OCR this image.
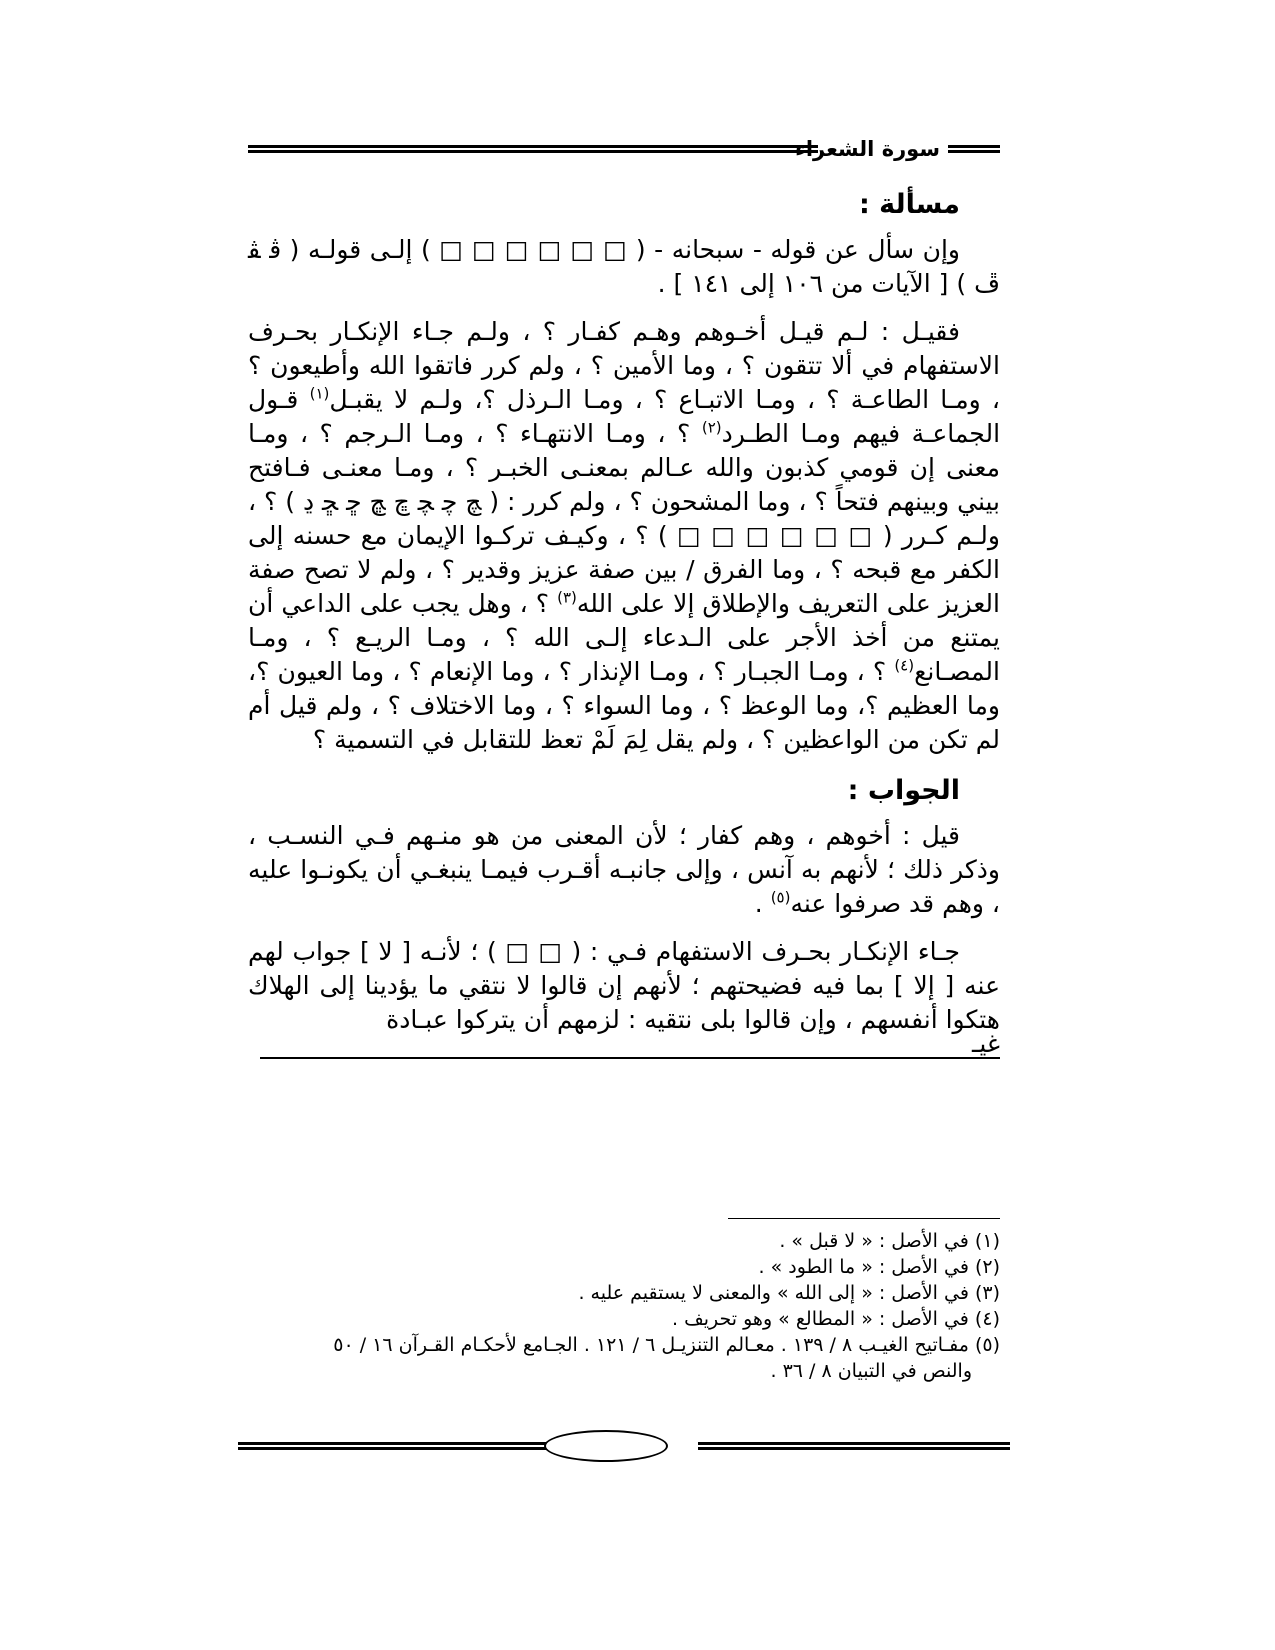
سورة الشعراء

مسألة :

وإن سأل عن قوله - سبحانه - ( □ □ □ □ □ □ ) إلـى قولـه ( ﭬ ﭭ ﭮ ) [ الآيات من ١٠٦ إلى ١٤١ ] .

فقيـل : لـم قيـل أخـوهم وهـم كفـار ؟ ، ولـم جـاء الإنكـار بحـرف الاستفهام في ألا تتقون ؟ ، وما الأمين ؟ ، ولم كرر فاتقوا الله وأطيعون ؟ ، ومـا الطاعـة ؟ ، ومـا الاتبـاع ؟ ، ومـا الـرذل ؟، ولـم لا يقبـل$^{(١)}$ قـول الجماعـة فيهم ومـا الطـرد$^{(٢)}$ ؟ ، ومـا الانتهـاء ؟ ، ومـا الـرجم ؟ ، ومـا معنى إن قومي كذبون والله عـالم بمعنـى الخبـر ؟ ، ومـا معنـى فـافتح بيني وبينهم فتحاً ؟ ، وما المشحون ؟ ، ولم كرر : ( ﭻ ﭼ ﭽ ﭾ ﭿ ﮀ ﮁ ﮂ ) ؟ ، ولـم كـرر ( □ □ □ □ □ □ ) ؟ ، وكيـف تركـوا الإيمان مع حسنه إلى الكفر مع قبحه ؟ ، وما الفرق / بين صفة عزيز وقدير ؟ ، ولم لا تصح صفة العزيز على التعريف والإطلاق إلا على الله$^{(٣)}$ ؟ ، وهل يجب على الداعي أن يمتنع من أخذ الأجر على الـدعاء إلـى الله ؟ ، ومـا الريـع ؟ ، ومـا المصـانع$^{(٤)}$ ؟ ، ومـا الجبـار ؟ ، ومـا الإنذار ؟ ، وما الإنعام ؟ ، وما العيون ؟، وما العظيم ؟، وما الوعظ ؟ ، وما السواء ؟ ، وما الاختلاف ؟ ، ولم قيل أم لم تكن من الواعظين ؟ ، ولم يقل لِمَ لَمْ تعظ للتقابل في التسمية ؟

الجواب :

قيل : أخوهم ، وهم كفار ؛ لأن المعنى من هو منـهم فـي النسـب ، وذكر ذلك ؛ لأنهم به آنس ، وإلى جانبـه أقـرب فيمـا ينبغـي أن يكونـوا عليه ، وهم قد صرفوا عنه$^{(٥)}$ .

جـاء الإنكـار بحـرف الاستفهام فـي : ( □ □ ) ؛ لأنـه [ لا ] جواب لهم عنه [ إلا ] بما فيه فضيحتهم ؛ لأنهم إن قالوا لا نتقي ما يؤدينا إلى الهلاك هتكوا أنفسهم ، وإن قالوا بلى نتقيه : لزمهم أن يتركوا عبـادة

غيـ

(١) في الأصل : « لا قبل » .

(٢) في الأصل : « ما الطود » .

(٣) في الأصل : « إلى الله » والمعنى لا يستقيم عليه .

(٤) في الأصل : « المطالع » وهو تحريف .

(٥) مفـاتيح الغيـب ٨ / ١٣٩ . معـالم التنزيـل ٦ / ١٢١ . الجـامع لأحكـام القـرآن ١٦ / ٥٠

والنص في التبيان ٨ / ٣٦ .
